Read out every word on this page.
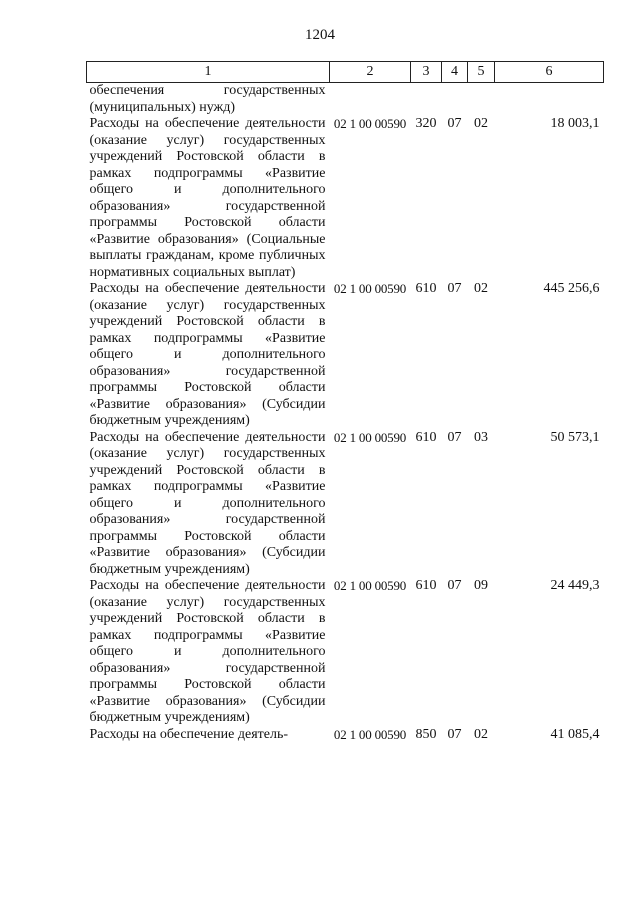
1204
1	2	3	4	5	6
обеспечения государственных (муниципальных) нужд)					
Расходы на обеспечение деятельности (оказание услуг) государственных учреждений Ростовской области в рамках подпрограммы «Развитие общего и дополнительного образования» государственной программы Ростовской области «Развитие образования» (Социальные выплаты гражданам, кроме публичных нормативных социальных выплат)	02 1 00 00590	320	07	02	18 003,1
Расходы на обеспечение деятельности (оказание услуг) государственных учреждений Ростовской области в рамках подпрограммы «Развитие общего и дополнительного образования» государственной программы Ростовской области «Развитие образования» (Субсидии бюджетным учреждениям)	02 1 00 00590	610	07	02	445 256,6
Расходы на обеспечение деятельности (оказание услуг) государственных учреждений Ростовской области в рамках подпрограммы «Развитие общего и дополнительного образования» государственной программы Ростовской области «Развитие образования» (Субсидии бюджетным учреждениям)	02 1 00 00590	610	07	03	50 573,1
Расходы на обеспечение деятельности (оказание услуг) государственных учреждений Ростовской области в рамках подпрограммы «Развитие общего и дополнительного образования» государственной программы Ростовской области «Развитие образования» (Субсидии бюджетным учреждениям)	02 1 00 00590	610	07	09	24 449,3
Расходы на обеспечение деятель-	02 1 00 00590	850	07	02	41 085,4
